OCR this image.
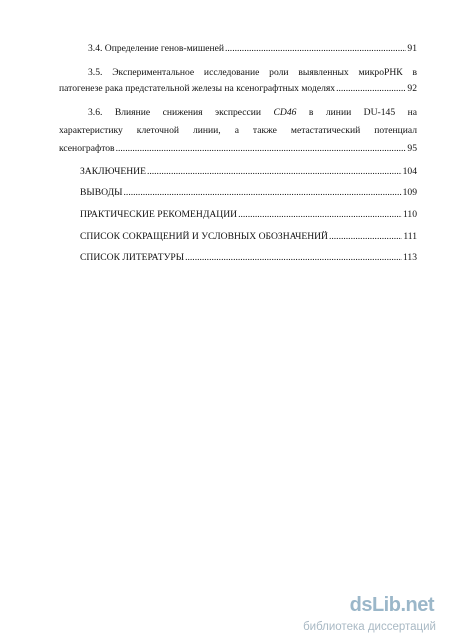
3.4. Определение генов-мишеней .....	91
3.5. Экспериментальное исследование роли выявленных микроРНК в
патогенезе рака предстательной железы на ксенографтных моделях .....	92
3.6. Влияние снижения экспрессии CD46 в линии DU-145 на
характеристику клеточной линии, а также метастатический потенциал
ксенографтов .....	95
ЗАКЛЮЧЕНИЕ .....	104
ВЫВОДЫ .....	109
ПРАКТИЧЕСКИЕ РЕКОМЕНДАЦИИ .....	110
СПИСОК СОКРАЩЕНИЙ И УСЛОВНЫХ ОБОЗНАЧЕНИЙ .....	111
СПИСОК ЛИТЕРАТУРЫ .....	113
dsLib.net
библиотека диссертаций
